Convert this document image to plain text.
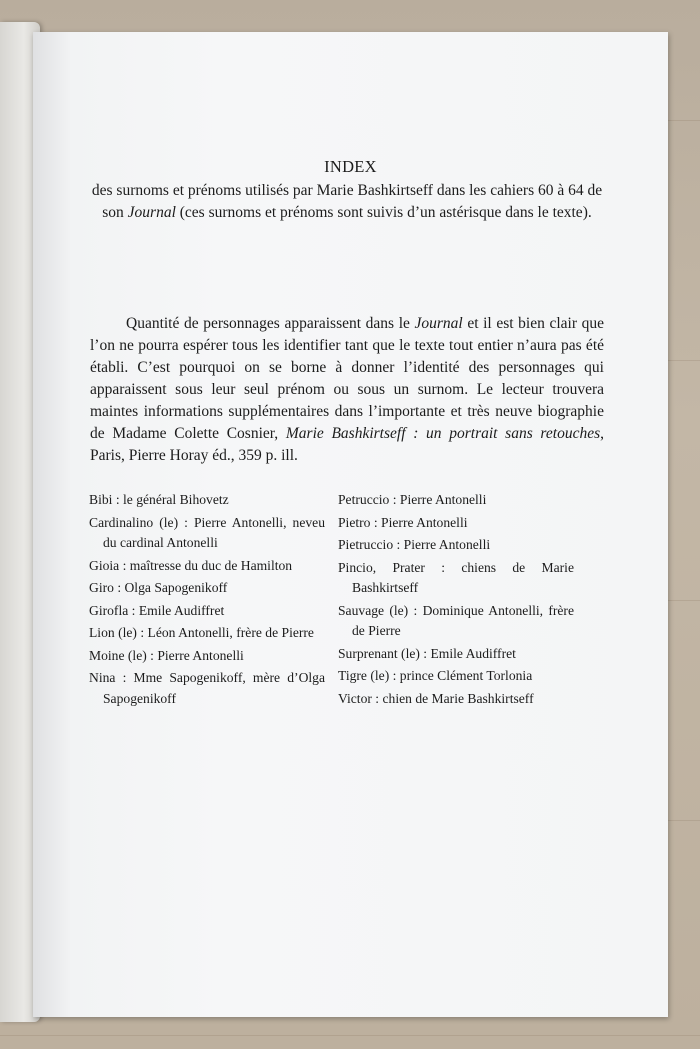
INDEX
des surnoms et prénoms utilisés par Marie Bashkirtseff dans les cahiers 60 à 64 de son Journal (ces surnoms et prénoms sont suivis d’un astérisque dans le texte).

Quantité de personnages apparaissent dans le Journal et il est bien clair que l’on ne pourra espérer tous les identifier tant que le texte tout entier n’aura pas été établi. C’est pourquoi on se borne à donner l’identité des personnages qui apparaissent sous leur seul prénom ou sous un surnom. Le lecteur trouvera maintes informations supplémentaires dans l’importante et très neuve biographie de Madame Colette Cosnier, Marie Bashkirtseff : un portrait sans retouches, Paris, Pierre Horay éd., 359 p. ill.

Bibi : le général Bihovetz
Cardinalino (le) : Pierre Antonelli, neveu du cardinal Antonelli
Gioia : maîtresse du duc de Hamilton
Giro : Olga Sapogenikoff
Girofla : Emile Audiffret
Lion (le) : Léon Antonelli, frère de Pierre
Moine (le) : Pierre Antonelli
Nina : Mme Sapogenikoff, mère d’Olga Sapogenikoff
Petruccio : Pierre Antonelli
Pietro : Pierre Antonelli
Pietruccio : Pierre Antonelli
Pincio, Prater : chiens de Marie Bashkirtseff
Sauvage (le) : Dominique Antonelli, frère de Pierre
Surprenant (le) : Emile Audiffret
Tigre (le) : prince Clément Torlonia
Victor : chien de Marie Bashkirtseff
